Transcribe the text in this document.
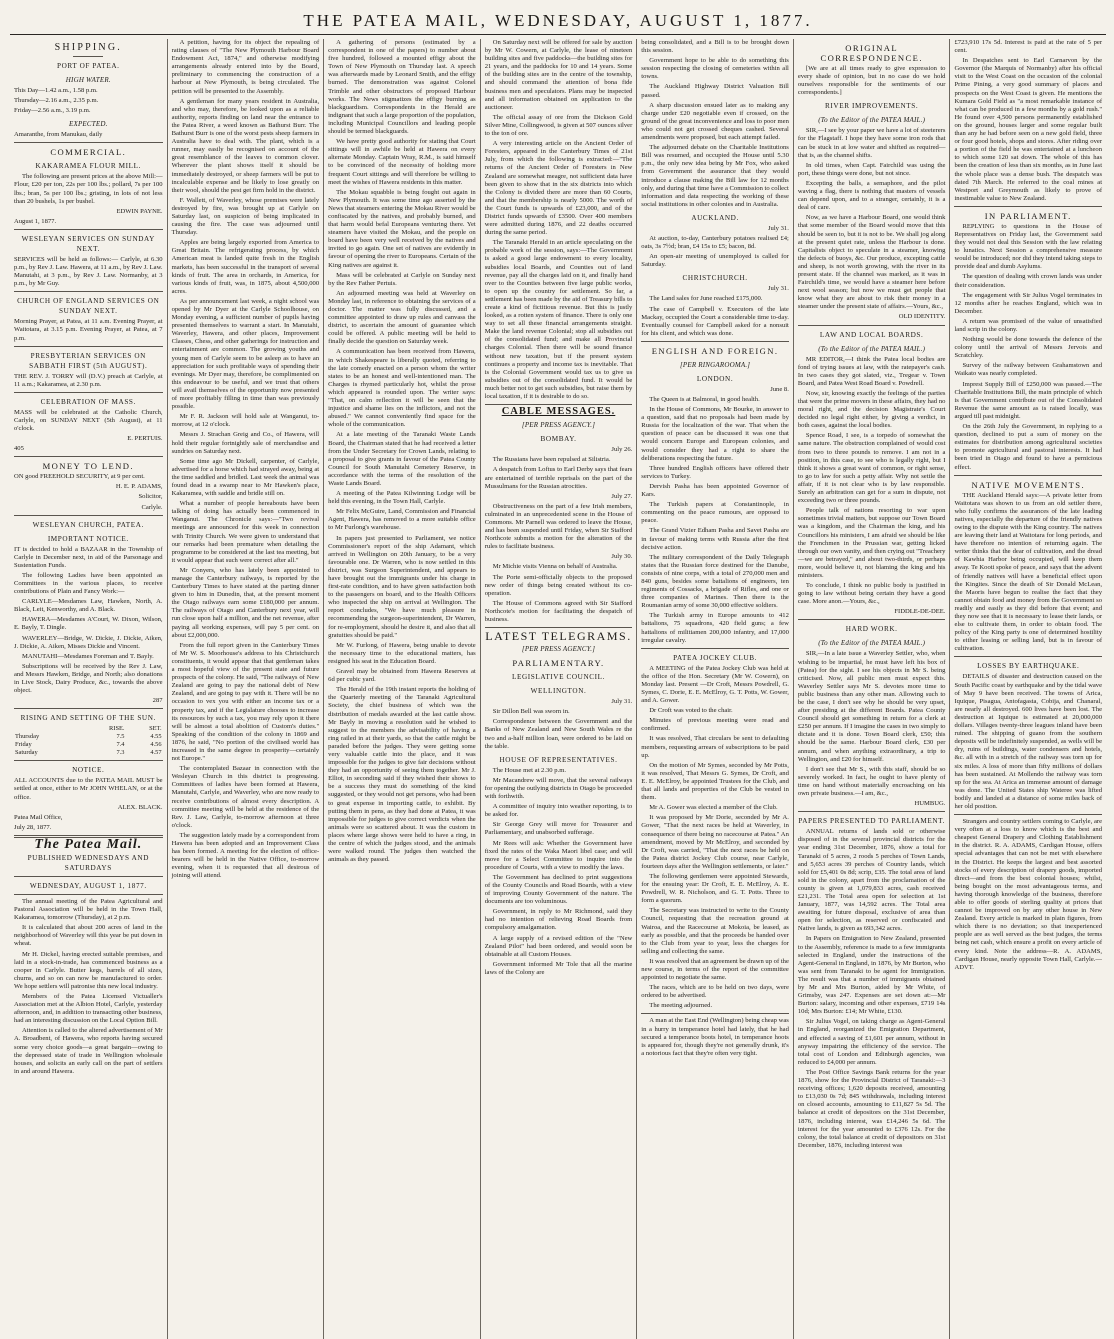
THE PATEA MAIL, WEDNESDAY, AUGUST 1, 1877.
SHIPPING.
PORT OF PATEA.
HIGH WATER.

This Day—1.42 a.m., 1.58 p.m.

Thursday—2.16 a.m., 2.35 p.m.

Friday—2.56 a.m., 3.19 p.m.

EXPECTED.

Amaranthe, from Manukau, daily

COMMERCIAL.
KAKARAMEA FLOUR MILL.

The following are present prices at the above Mill:—Flour, £20 per ton, 22s per 100 lbs.; pollard, 7s per 100 lbs.; bran, 5s per 100 lbs.; gristing, in lots of not less than 20 bushels, 1s per bushel.

EDWIN PAYNE.

August 1, 1877.

WESLEYAN SERVICES ON SUNDAY NEXT.

SERVICES will be held as follows:— Carlyle, at 6.30 p.m., by Rev J. Law. Hawera, at 11 a.m., by Rev J. Law. Manutahi, at 3 p.m., by Rev J. Law. Normanby, at 3 p.m., by Mr Guy.

CHURCH OF ENGLAND SERVICES ON SUNDAY NEXT.

Morning Prayer, at Patea, at 11 a.m. Evening Prayer, at Waitotara, at 3.15 p.m. Evening Prayer, at Patea, at 7 p.m.

PRESBYTERIAN SERVICES ON SABBATH FIRST (5th AUGUST).

THE REV. J. TORRY will (D.V.) preach at Carlyle, at 11 a.m.; Kakaramea, at 2.30 p.m.

CELEBRATION OF MASS.

MASS will be celebrated at the Catholic Church, Carlyle, on SUNDAY NEXT (5th August), at 11 o'clock.

E. PERTUIS.

405

MONEY TO LEND.

ON good FREEHOLD SECURITY, at 9 per cent.

H. E. P. ADAMS,

Solicitor,

Carlyle.

WESLEYAN CHURCH, PATEA.
IMPORTANT NOTICE.

IT is decided to hold a BAZAAR in the Township of Carlyle in December next, in aid of the Parsonage and Sustentation Funds.

The following Ladies have been appointed as Committees in the various places, to receive contributions of Plain and Fancy Work:—

CARLYLE—Mesdames Law, Hawken, North, A. Black, Leit, Kenworthy, and A. Black.

HAWERA—Mesdames A'Court, W. Dixon, Wilson, E. Bayly, T. Dingle.

WAVERLEY—Bridge, W. Dickie, J. Dickie, Aiken, J. Dickie, A. Aiken, Misses Dickie and Vincent.

MANUTAHI—Mesdames Foreman and T. Bayly.

Subscriptions will be received by the Rev J. Law, and Messrs Hawken, Bridge, and North; also donations in Live Stock, Dairy Produce, &c., towards the above object.

287

RISING AND SETTING OF THE SUN.
	RISE.	SET.
Thursday	7.5	4.55
Friday	7.4	4.56
Saturday	7.3	4.57
NOTICE.

ALL ACCOUNTS due to the PATEA MAIL MUST be settled at once, either to Mr JOHN WHELAN, or at the office.

ALEX. BLACK.

Patea Mail Office,

July 28, 1877.

The Patea Mail.
PUBLISHED WEDNESDAYS AND SATURDAYS
WEDNESDAY, AUGUST 1, 1877.

The annual meeting of the Patea Agricultural and Pastoral Association will be held in the Town Hall, Kakaramea, tomorrow (Thursday), at 2 p.m.

It is calculated that about 200 acres of land in the neighborhood of Waverley will this year be put down in wheat.

Mr H. Dickel, having erected suitable premises, and laid in a stock-in-trade, has commenced business as a cooper in Carlyle. Butter kegs, barrels of all sizes, churns, and so on can now be manufactured to order. We hope settlers will patronise this new local industry.

Members of the Patea Licensed Victualler's Association met at the Albion Hotel, Carlyle, yesterday afternoon, and, in addition to transacting other business, had an interesting discussion on the Local Option Bill.

Attention is called to the altered advertisement of Mr A. Broadbent, of Hawera, who reports having secured some very choice goods—a great bargain—owing to the depressed state of trade in Wellington wholesale houses, and solicits an early call on the part of settlers in and around Hawera.

A petition, having for its object the repealing of rating clauses of "The New Plymouth Harbour Board Endowment Act, 1874," and otherwise modifying arrangements already entered into by the Board, preliminary to commencing the construction of a harbour at New Plymouth, is being circulated. The petition will be presented to the Assembly.

A gentleman for many years resident in Australia, and who may, therefore, be looked upon as a reliable authority, reports finding on land near the entrance to the Patea River, a weed known as Bathurst Burr. The Bathurst Burr is one of the worst pests sheep farmers in Australia have to deal with. The plant, which is a runner, may easily be recognised on account of the great resemblance of the leaves to common clover. Wherever the plant shows itself it should be immediately destroyed, or sheep farmers will be put to incalculable expense and be likely to lose greatly on their wool, should the pest get firm hold in the district.

F. Wallett, of Waverley, whose premises were lately destroyed by fire, was brought up at Carlyle on Saturday last, on suspicion of being implicated in causing the fire. The case was adjourned until Thursday.

Apples are being largely exported from America to Great Britain. The refrigerating process, by which American meat is landed quite fresh in the English markets, has been successful in the transport of several kinds of fruit. The area in orchards, in America, for various kinds of fruit, was, in 1875, about 4,500,000 acres.

As per announcement last week, a night school was opened by Mr Dyer at the Carlyle Schoolhouse, on Monday evening, a sufficient number of pupils having presented themselves to warrant a start. In Manutahi, Waverley, Hawera, and other places, Improvement Classes, Chess, and other gatherings for instruction and entertainment are common. The growing youths and young men of Carlyle seem to be asleep as to have an appreciation for such profitable ways of spending their evenings. Mr Dyer may, therefore, be complimented on this endeavour to be useful, and we trust that others will avail themselves of the opportunity now presented of more profitably filling in time than was previously possible.

Mr F. R. Jackson will hold sale at Wanganui, to-morrow, at 12 o'clock.

Messrs J. Strachan Greig and Co., of Hawera, will hold their regular fortnightly sale of merchandise and sundries on Saturday next.

Some time ago Mr Dickell, carpenter, of Carlyle, advertised for a horse which had strayed away, being at the time saddled and bridled. Last week the animal was found dead in a swamp near to Mr Hawken's place, Kakaramea, with saddle and bridle still on.

What a number of people hereabouts have been talking of doing has actually been commenced in Wanganui. The Chronicle says:—"Two revival meetings are announced for this week in connection with Trinity Church. We were given to understand that our remarks had been premature when detailing the programme to be considered at the last tea meeting, but it would appear that such were correct after all."

Mr Conyers, who has lately been appointed to manage the Canterbury railways, is reported by the Canterbury Times to have stated at the parting dinner given to him in Dunedin, that, at the present moment the Otago railways earn some £180,000 per annum. The railways of Otago and Canterbury next year, will run close upon half a million, and the net revenue, after paying all working expenses, will pay 5 per cent. on about £2,000,000.

From the full report given in the Canterbury Times of Mr W. S. Moorhouse's address to his Christchurch constituents, it would appear that that gentleman takes a most hopeful view of the present state and future prospects of the colony. He said, "The railways of New Zealand are going to pay the national debt of New Zealand, and are going to pay with it. There will be no occasion to vex you with either an income tax or a property tax, and if the Legislature chooses to increase its resources by such a tax, you may rely upon it there will be almost a total abolition of Custom's duties." Speaking of the condition of the colony in 1869 and 1876, he said, "No portion of the civilised world has increased in the same degree in prosperity—certainly not Europe."

The contemplated Bazaar in connection with the Wesleyan Church in this district is progressing. Committees of ladies have been formed at Hawera, Manutahi, Carlyle, and Waverley, who are now ready to receive contributions of almost every description. A committee meeting will be held at the residence of the Rev. J. Law, Carlyle, to-morrow afternoon at three o'clock.

The suggestion lately made by a correspondent from Hawera has been adopted and an Improvement Class has been formed. A meeting for the election of office-bearers will be held in the Native Office, to-morrow evening, when it is requested that all desirous of joining will attend.

A gathering of persons (estimated by a correspondent in one of the papers) to number about five hundred, followed a mounted effigy about the Town of New Plymouth on Thursday last. A speech was afterwards made by Leonard Smith, and the effigy burned. The demonstration was against Colonel Trimble and other obstructors of proposed Harbour works. The News stigmatizes the effigy burning as blackguardism. Correspondents in the Herald are indignant that such a large proportion of the population, including Municipal Councillors and leading people should be termed blackguards.

We have pretty good authority for stating that Court sittings will in awhile be held at Hawera on every alternate Monday. Captain Wray, R.M., is said himself to be convinced of the necessity of holding more frequent Court sittings and will therefore be willing to meet the wishes of Hawera residents in this matter.

The Mokau squabble is being fought out again in New Plymouth. It was some time ago asserted by the News that steamers entering the Mokau River would be confiscated by the natives, and probably burned, and that harm would befal Europeans venturing there. Yet steamers have visited the Mokau, and the people on board have been very well received by the natives and invited to go again. One set of natives are evidently in favour of opening the river to Europeans. Certain of the King natives are against it.

Mass will be celebrated at Carlyle on Sunday next by the Rev Father Pertuis.

An adjourned meeting was held at Waverley on Monday last, in reference to obtaining the services of a doctor. The matter was fully discussed, and a committee appointed to draw up rules and canvass the district, to ascertain the amount of guarantee which could be offered. A public meeting will be held to finally decide the question on Saturday week.

A communication has been received from Hawera, in which Shakespeare is liberally quoted, referring to the late comedy enacted on a person whom the writer states to be an honest and well-intentioned man. The Charges is rhymed particularly hot, whilst the prose which appeared is rounded upon. The writer says: "That, on calm reflection it will be seen that the injustice and shame lies on the inflictors, and not the abused." We cannot conveniently find space for the whole of the communication.

At a late meeting of the Taranaki Waste Lands Board, the Chairman stated that he had received a letter from the Under Secretary for Crown Lands, relating to a proposal to give grants in favour of the Patea County Council for South Manutahi Cemetery Reserve, in accordance with the terms of the resolution of the Waste Lands Board.

A meeting of the Patea Kilwinning Lodge will be held this evening, in the Town Hall, Carlyle.

Mr Felix McGuire, Land, Commission and Financial Agent, Hawera, has removed to a more suitable office to Mr Furlong's warehouse.

In papers just presented to Parliament, we notice Commissioner's report of the ship Adamant, which arrived in Wellington on 20th January, to be a very favourable one. Dr Warren, who is now settled in this district, was Surgeon Superintendent, and appears to have brought out the immigrants under his charge in first-rate condition, and to have given satisfaction both to the passengers on board, and to the Health Officers who inspected the ship on arrival at Wellington. The report concludes, "We have much pleasure in recommending the surgeon-superintendent, Dr Warren, for re-employment, should he desire it, and also that all gratuities should be paid."

Mr W. Furlong, of Hawera, being unable to devote the necessary time to the educational matters, has resigned his seat in the Education Board.

Gravel may be obtained from Hawera Reserves at 6d per cubic yard.

The Herald of the 19th instant reports the holding of the Quarterly meeting of the Taranaki Agricultural Society, the chief business of which was the distribution of medals awarded at the last cattle show. Mr Bayly in moving a resolution said he wished to suggest to the members the advisability of having a ring railed in at their yards, so that the cattle might be paraded before the judges. They were getting some very valuable cattle into the place, and it was impossible for the judges to give fair decisions without they had an opportunity of seeing them together. Mr J. Elliot, in seconding said if they wished their shows to be a success they must do something of the kind suggested, or they would not get persons, who had been to great expense in importing cattle, to exhibit. By putting them in pens, as they had done at Patea, it was impossible for judges to give correct verdicts when the animals were so scattered about. It was the custom in places where large shows were held to have a ring, in the centre of which the judges stood, and the animals were walked round. The judges then watched the animals as they passed.

On Saturday next will be offered for sale by auction by Mr W. Cowern, at Carlyle, the lease of nineteen building sites and five paddocks—the building sites for 21 years, and the paddocks for 10 and 14 years. Some of the building sites are in the centre of the township, and should command the attention of bona fide business men and speculators. Plans may be inspected and all information obtained on application to the auctioneer.

The official assay of ore from the Dickson Gold Silver Mine, Collingwood, is given at 507 ounces silver to the ton of ore.

A very interesting article on the Ancient Order of Foresters, appeared in the Canterbury Times of 21st July, from which the following is extracted:—"The returns of the Ancient Order of Foresters in New Zealand are somewhat meagre, not sufficient data have been given to show that in the six districts into which the Colony is divided there are more than 60 Courts, and that the membership is nearly 5000. The worth of the Court funds is upwards of £23,000, and of the District funds upwards of £3500. Over 400 members were admitted during 1876, and 22 deaths occurred during the same period.

The Taranaki Herald in an article speculating on the probable work of the session, says:—The Government is asked a good large endowment to every locality, subsidies local Boards, and Counties out of land revenue, pay all the charges laid on it, and finally hand over to the Counties between five large public works, to open up the country for settlement. So far, a settlement has been made by the aid of Treasury bills to create a kind of fictitious revenue. But this is justly looked, as a rotten system of finance. There is only one way to set all these financial arrangements straight. Make the land revenue Colonial; stop all subsidies out of the consolidated fund; and make all Provincial charges Colonial. Then there will be sound finance without new taxation, but if the present system continues a property and income tax is inevitable. That is the Colonial Government would tax us to give us subsidies out of the consolidated fund. It would be much better not to get such subsidies, but raise them by local taxation, if it is desirable to do so.

CABLE MESSAGES.
[PER PRESS AGENCY.]
BOMBAY.

July 26.

The Russians have been repulsed at Silistria.

A despatch from Loftus to Earl Derby says that fears are entertained of terrible reprisals on the part of the Mussulmans for the Russian atrocities.

July 27.

Obstructiveness on the part of a few Irish members, culminated in an unprecedented scene in the House of Commons. Mr Parnell was ordered to leave the House, and has been suspended until Friday, when Sir Stafford Northcote submits a motion for the alteration of the rules to facilitate business.

July 30.

Mr Michie visits Vienna on behalf of Australia.

The Porte semi-officially objects to the proposed new order of things being created without its co-operation.

The House of Commons agreed with Sir Stafford Northcote's motion for facilitating the despatch of business.

LATEST TELEGRAMS.
[PER PRESS AGENCY.]
PARLIAMENTARY.
LEGISLATIVE COUNCIL.
WELLINGTON.

July 31.

Sir Dillon Bell was sworn in.

Correspondence between the Government and the Banks of New Zealand and New South Wales re the two and a-half million loan, were ordered to be laid on the table.

HOUSE OF REPRESENTATIVES.

The House met at 2.30 p.m.

Mr Macandrew will move, that the several railways for opening the outlying districts in Otago be proceeded with forthwith.

A committee of inquiry into weather reporting, is to be asked for.

Sir George Grey will move for Treasurer and Parliamentary, and unabsorbed sufferage.

Mr Rees will ask: Whether the Government have fixed the rates of the Waka Maori libel case; and will move for a Select Committee to inquire into the procedure of Courts, with a view to modify the laws.

The Government has declined to print suggestions of the County Councils and Road Boards, with a view of improving County Government of the nature. The documents are too voluminous.

Government, in reply to Mr Richmond, said they had no intention of relieving Road Boards from compulsory amalgamation.

A large supply of a revised edition of the "New Zealand Pilot" had been ordered, and would soon be obtainable at all Custom Houses.

Government informed Mr Tole that all the marine laws of the Colony are

being consolidated, and a Bill is to be brought down this session.

Government hope to be able to do something this session respecting the closing of cemeteries within all towns.

The Auckland Highway District Valuation Bill passed.

A sharp discussion ensued later as to making any charge under £20 negotiable even if crossed, on the ground of the great inconvenience and loss to poor men who could not get crossed cheques cashed. Several amendments were proposed, but each attempt failed.

The adjourned debate on the Charitable Institutions Bill was resumed, and occupied the House until 5.30 p.m., the only new idea being by Mr Fox, who asked from Government the assurance that they would introduce a clause making the Bill law for 12 months only, and during that time have a Commission to collect information and data respecting the working of these social institutions in other colonies and in Australia.

AUCKLAND.

July 31.

At auction, to-day, Canterbury potatoes realised £4; oats, 3s 7½d; bran, £4 15s to £5; bacon, 8d.

An open-air meeting of unemployed is called for Saturday.

CHRISTCHURCH.

July 31.

The Land sales for June reached £175,000.

The case of Campbell v. Executors of the late Mackay, occupied the Court a considerable time to-day. Eventually counsel for Campbell asked for a nonsuit for his client, and which was done.

ENGLISH AND FOREIGN.
[PER RINGAROOMA.]
LONDON.

June 8.

The Queen is at Balmoral, in good health.

In the House of Commons, Mr Bourke, in answer to a question, said that no proposals had been made by Russia for the localization of the war. That when the question of peace can be discussed it was one that would concern Europe and European colonies, and would consider they had a right to share the deliberations respecting the future.

Three hundred English officers have offered their services to Turkey.

Dervish Pasha has been appointed Governor of Kars.

The Turkish papers at Constantinople, in commenting on the peace rumours, are opposed to peace.

The Grand Vizier Edham Pasha and Savet Pasha are in favour of making terms with Russia after the first decisive action.

The military correspondent of the Daily Telegraph states that the Russian force destined for the Danube, consists of nine corps, with a total of 270,000 men and 840 guns, besides some battalions of engineers, ten regiments of Cossacks, a brigade of Rifles, and one or three companies of Marines. Then there is the Roumanian army of some 30,000 effective soldiers.

The Turkish army in Europe amounts to 412 battalions, 75 squadrons, 420 field guns; a few hattalions of militiamen 200,000 infantry, and 17,000 irregular cavalry.

PATEA JOCKEY CLUB.

A MEETING of the Patea Jockey Club was held at the office of the Hon. Secretary (Mr W. Cowern), on Monday last. Present —Dr Croft, Messrs Powdrell, G. Symes, C. Dorie, E. E. McElroy, G. T. Potts, W. Gower, and A. Gower.

Dr Croft was voted to the chair.

Minutes of previous meeting were read and confirmed.

It was resolved, That circulars be sent to defaulting members, requesting arrears of subscriptions to be paid up.

On the motion of Mr Symes, seconded by Mr Potts, it was resolved, That Messrs G. Symes, Dr Croft, and E. E. McElroy, be appointed Trustees for the Club, and that all lands and properties of the Club be vested in them.

Mr A. Gower was elected a member of the Club.

It was proposed by Mr Dorie, seconded by Mr A. Gower, "That the next races be held at Waverley, in consequence of there being no racecourse at Patea." An amendment, moved by Mr McElroy, and seconded by Dr Croft, was carried, "That the next races be held on the Patea district Jockey Club course, near Carlyle, fourteen days after the Wellington settlements, or later."

The following gentlemen were appointed Stewards, for the ensuing year: Dr Croft, E. E. McElroy, A. E. Powdrell, W. R. Nicholson, and G. T. Potts. Three to form a quorum.

The Secretary was instructed to write to the County Council, requesting that the recreation ground at Wairoa, and the Racecourse at Mokoia, be leased, as early as possible, and that the proceeds be handed over to the Club from year to year, less the charges for selling and collecting the same.

It was resolved that an agreement be drawn up of the new course, in terms of the report of the committee appointed to negotiate the same.

The races, which are to be held on two days, were ordered to be advertised.

The meeting adjourned.

A man at the East End (Wellington) being cheap was in a hurry in temperance hotel had lately, that he had secured a temperance boots hotel, in temperance hoots is appeared for, though they're not generally drunk, it's a notorious fact that they're often very tight.

ORIGINAL CORRESPONDENCE.

[We are at all times ready to give expression to every shade of opinion, but in no case do we hold ourselves responsible for the sentiments of our correspondents.]

RIVER IMPROVEMENTS.
(To the Editor of the PATEA MAIL.)

SIR,—I see by your paper we have a lot of steeterers for the Flagstaff. I hope they have some iron rods that can be stuck in at low water and shifted as required—that is, as the channel shifts.

In old times, when Capt. Fairchild was using the port, these things were done, but not since.

Excepting the balls, a semaphore, and the pilot waving a flag, there is nothing that masters of vessels can depend upon, and to a stranger, certainly, it is a deal of care.

Now, as we have a Harbour Board, one would think that some member of the Board would move that this should be seen to, but it is not to be. We shall jog along at the present quiet rate, unless the Harbour is done. Capitalists object to speculate in a steamer, knowing the defects of buoys, &c. Our produce, excepting cattle and sheep, is not worth growing, with the river in its present state. If the channel was marked, as it was in Fairchild's time, we would have a steamer here before next wool season; but now we must get people that know what they are about to risk their money in a steamer under the present state of affairs.—Yours, &c.,

OLD IDENTITY.

LAW AND LOCAL BOARDS.
(To the Editor of the PATEA MAIL.)

MR EDITOR,—I think the Patea local bodies are fond of trying issues at law, with the ratepayer's cash. In two cases they got slated, viz., Tregear v. Town Board, and Patea West Road Board v. Powdrell.

Now, sir, knowing exactly the feelings of the parties that were the prime movers in these affairs, they had no moral right, and the decision Magistrate's Court decided no legal right either, by giving a verdict, in both cases, against the local bodies.

Spence Road, I see, is a torpedo of somewhat the same nature. The obstruction complained of would cost from two to three pounds to remove. I am not in a position, in this case, to see who is legally right, but I think it shows a great want of common, or right sense, to go to law for such a petty affair. Why not settle the affair, if it is not clear who is by law responsible. Surely an arbitration can get for a sum in dispute, not exceeding two or three pounds.

People talk of nations resorting to war upon sometimes trivial matters, but suppose our Town Board was a kingdom, and the Chairman the king, and his Councillors his ministers, I am afraid we should be like the Frenchmen in the Prussian war, getting licked through our own vanity, and then crying out "Treachery—we are betrayed," and about two-thirds, or perhaps more, would believe it, not blaming the king and his ministers.

To conclude, I think no public body is justified in going to law without being certain they have a good case. More anon.—Yours, &c.,

FIDDLE-DE-DEE.

HARD WORK.
(To the Editor of the PATEA MAIL.)

SIR,—In a late issue a Waverley Settler, who, when wishing to be impartial, he must have left his box of (Patea) for the sight. I see his objects in Mr S. being criticised. Now, all public men must expect this. Waverley Settler says Mr S. devotes more time to public business than any other man. Allowing such to be the case, I don't see why he should be very upset, after presiding at the different Boards. Patea County Council should get something in return for a clerk at £250 per annum. If I imagine the cases in two simply to dictate and it is done. Town Board clerk, £50; this should be the same. Harbour Board clerk, £30 per annum, and when anything extraordinary, a trip to Wellington, and £20 for himself.

I don't see that Mr S., with this staff, should be so severely worked. In fact, he ought to have plenty of time on hand without materially encroaching on his own private business.—I am, &c.,

HUMBUG.

PAPERS PRESENTED TO PARLIAMENT.

ANNUAL returns of lands sold or otherwise disposed of in the several provincial districts for the year ending 31st December, 1876, show a total for Taranaki of 5 acres, 2 roods 5 perches of Town Lands, and 5,653 acres 39 perches of Country lands, which sold for £5,401 0s 8d; scrip, £35. The total area of land sold in the colony, apart from the proclamation of the county is given at 1,079,833 acres, cash received £21,231. The Total area open for selection at 1st January, 1877, was 14,592 acres. The Total area awaiting for future disposal, exclusive of area than open for selection, as reserved or confiscated and Native lands, is given as 693,342 acres.

In Papers on Emigration to New Zealand, presented to the Assembly, reference is made to a few immigrants selected in England, under the instructions of the Agent-General in England, in 1876, by Mr Burton, who was sent from Taranaki to be agent for Immigration. The result was that a number of immigrants obtained by Mr and Mrs Burton, aided by Mr White, of Grimsby, was 247. Expenses are set down at:—Mr Burton: salary, incoming and other expenses, £719 14s 10d; Mrs Burton: £14; Mr White, £130.

Sir Julius Vogel, on taking charge as Agent-General in England, reorganized the Emigration Department, and effected a saving of £1,601 per annum, without in anyway impairing the efficiency of the service. The total cost of London and Edinburgh agencies, was reduced to £4,000 per annum.

The Post Office Savings Bank returns for the year 1876, show for the Provincial District of Taranaki:—3 receiving offices; 1,620 deposits received, amounting to £13,030 0s 7d; 845 withdrawals, including interest on closed accounts, amounting to £11,827 5s 5d. The balance at credit of depositors on the 31st December, 1876, including interest, was £14,246 5s 6d. The interest for the year amounted to £376 12s. For the colony, the total balance at credit of depositors on 31st December, 1876, including interest was

£723,910 17s 5d. Interest is paid at the rate of 5 per cent.

In Despatches sent to Earl Carnarvon by the Governor (the Marquis of Normanby) after his official visit to the West Coast on the occasion of the colonial Prime Pining, a very good summary of places and prospects on the West Coast is given. He mentions the Kumara Gold Field as "a most remarkable instance of what can be produced in a few months by a gold rush." He found over 4,500 persons permanently established on the ground, houses larger and some regular built than any he had before seen on a new gold field, three or four good hotels, shops and stores. After riding over a portion of the field he was entertained at a luncheon to which some 120 sat down. The whole of this has been the creation of less than six months, as in June last the whole place was a dense bush. The despatch was dated 7th March. He referred to the coal mines at Westport and Greymouth as likely to prove of inestimable value to New Zealand.

IN PARLIAMENT.

REPLYING to questions in the House of Representatives on Friday last, the Government said they would not deal this Session with the law relating to lunatics. Next Session a comprehensive measure would be introduced; nor did they intend taking steps to provide deaf and dumb Asylums.

The question of dealing with crown lands was under their consideration.

The engagement with Sir Julius Vogel terminates in 12 months after he reaches England, which was in December.

A return was promised of the value of unsatisfied land scrip in the colony.

Nothing would be done towards the defence of the colony until the arrival of Messrs Jervois and Scratchley.

Survey of the railway between Grahamstown and Waikato was nearly completed.

Imprest Supply Bill of £250,000 was passed.—The Charitable Institutions Bill, the main principle of which is that Government contribute out of the Consolidated Revenue the same amount as is raised locally, was argued till past midnight.

On the 26th July the Government, in replying to a question, declined to put a sum of money on the estimates for distribution among agricultural societies to promote agricultural and pastoral interests. It had been tried in Otago and found to have a pernicious effect.

NATIVE MOVEMENTS.

THE Auckland Herald says:—A private letter from Waitotara was shown to us from an old settler there, who fully confirms the assurances of the late leading natives, especially the departure of the friendly natives owing to the dispute with the King country. The natives are leaving their land at Waitotara for long periods, and have therefore no intention of returning again. The writer thinks that the dear of cultivation, and the dread of Kawhia Harbor being occupied, will keep them away. Te Kooti spoke of peace, and says that the advent of friendly natives will have a beneficial effect upon the Kingites. Since the death of Sir Donald McLean, the Maoris have begun to realise the fact that they cannot obtain food and money from the Government so readily and easily as they did before that event; and they now see that it is necessary to lease their lands, or else to cultivate them, in order to obtain food. The policy of the King party is one of determined hostility to either leasing or selling land, but is in favour of cultivation.

LOSSES BY EARTHQUAKE.

DETAILS of disaster and destruction caused on the South Pacific coast by earthquake and by the tidal wave of May 9 have been received. The towns of Arica, Iquique, Pisagua, Antofagasta, Cobija, and Chanaral, are nearly all destroyed. 600 lives have been lost. The destruction at Iquique is estimated at 20,000,000 dollars. Villages twenty-three leagues inland have been ruined. The shipping of guano from the southern deposits will be indefinitely suspended, as wells will be dry, ruins of buildings, water condensers and hotels, &c. all with in a stretch of the railway was torn up for six miles. A loss of more than fifty millions of dollars has been sustained. At Mollendo the railway was torn up for the sea. At Arica an immense amount of damage was done. The United States ship Wateree was lifted bodily and landed at a distance of some miles back of her old position.

Strangers and country settlers coming to Carlyle, are very often at a loss to know which is the best and cheapest General Drapery and Clothing Establishment in the district. R. A. ADAMS, Cardigan House, offers special advantages that can not be met with elsewhere in the District. He keeps the largest and best assorted stocks of every description of drapery goods, imported direct—and from the best colonial houses; whilst, being bought on the most advantageous terms, and having thorough knowledge of the business, therefore able to offer goods of sterling quality at prices that cannot be improved on by any other house in New Zealand. Every article is marked in plain figures, from which there is no deviation; so that inexperienced people are as well served as the best judges, the terms being net cash, which ensure a profit on every article of every kind. Note the address—R. A. ADAMS, Cardigan House, nearly opposite Town Hall, Carlyle.—ADVT.
